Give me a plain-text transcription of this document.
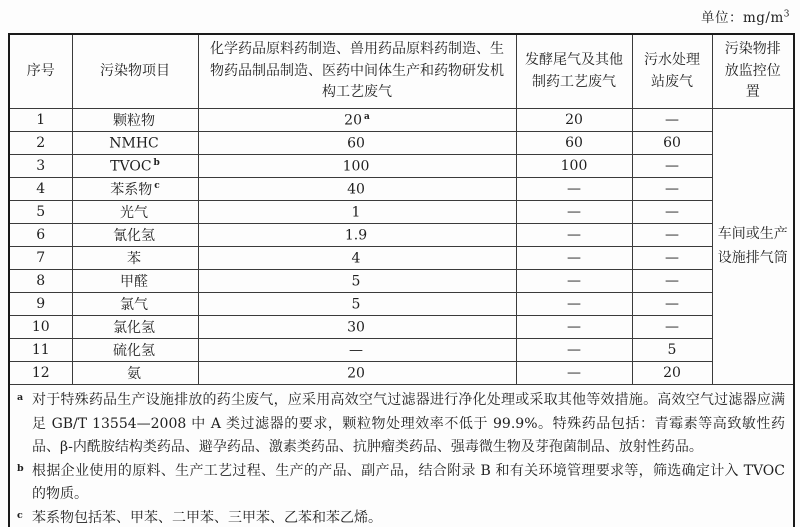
单位：$mg/m^3$
序号	污染物项目	化学药品原料药制造、兽用药品原料药制造、生物药品制品制造、医药中间体生产和药物研发机构工艺废气	发酵尾气及其他制药工艺废气	污水处理站废气	污染物排放监控位置
1	颗粒物	20 $^a$	20	—	车间或生产
设施排气筒

2	NMHC	60	60	60	
3	TVOC $^b$	100	100	—	
4	苯系物 $^c$	40	—	—	
5	光气	1	—	—	
6	氰化氢	1.9	—	—	
7	苯	4	—	—	
8	甲醛	5	—	—	
9	氯气	5	—	—	
10	氯化氢	30	—	—	
11	硫化氢	—	—	5	
12	氨	20	—	20	

a 对于特殊药品生产设施排放的药尘废气，应采用高效空气过滤器进行净化处理或采取其他等效措施。高效空气过滤器应满足 GB/T 13554—2008 中 A 类过滤器的要求，颗粒物处理效率不低于 99.9%。特殊药品包括：青霉素等高致敏性药品、β-内酰胺结构类药品、避孕药品、激素类药品、抗肿瘤类药品、强毒微生物及芽孢菌制品、放射性药品。
b 根据企业使用的原料、生产工艺过程、生产的产品、副产品，结合附录 B 和有关环境管理要求等，筛选确定计入 TVOC 的物质。
c 苯系物包括苯、甲苯、二甲苯、三甲苯、乙苯和苯乙烯。
